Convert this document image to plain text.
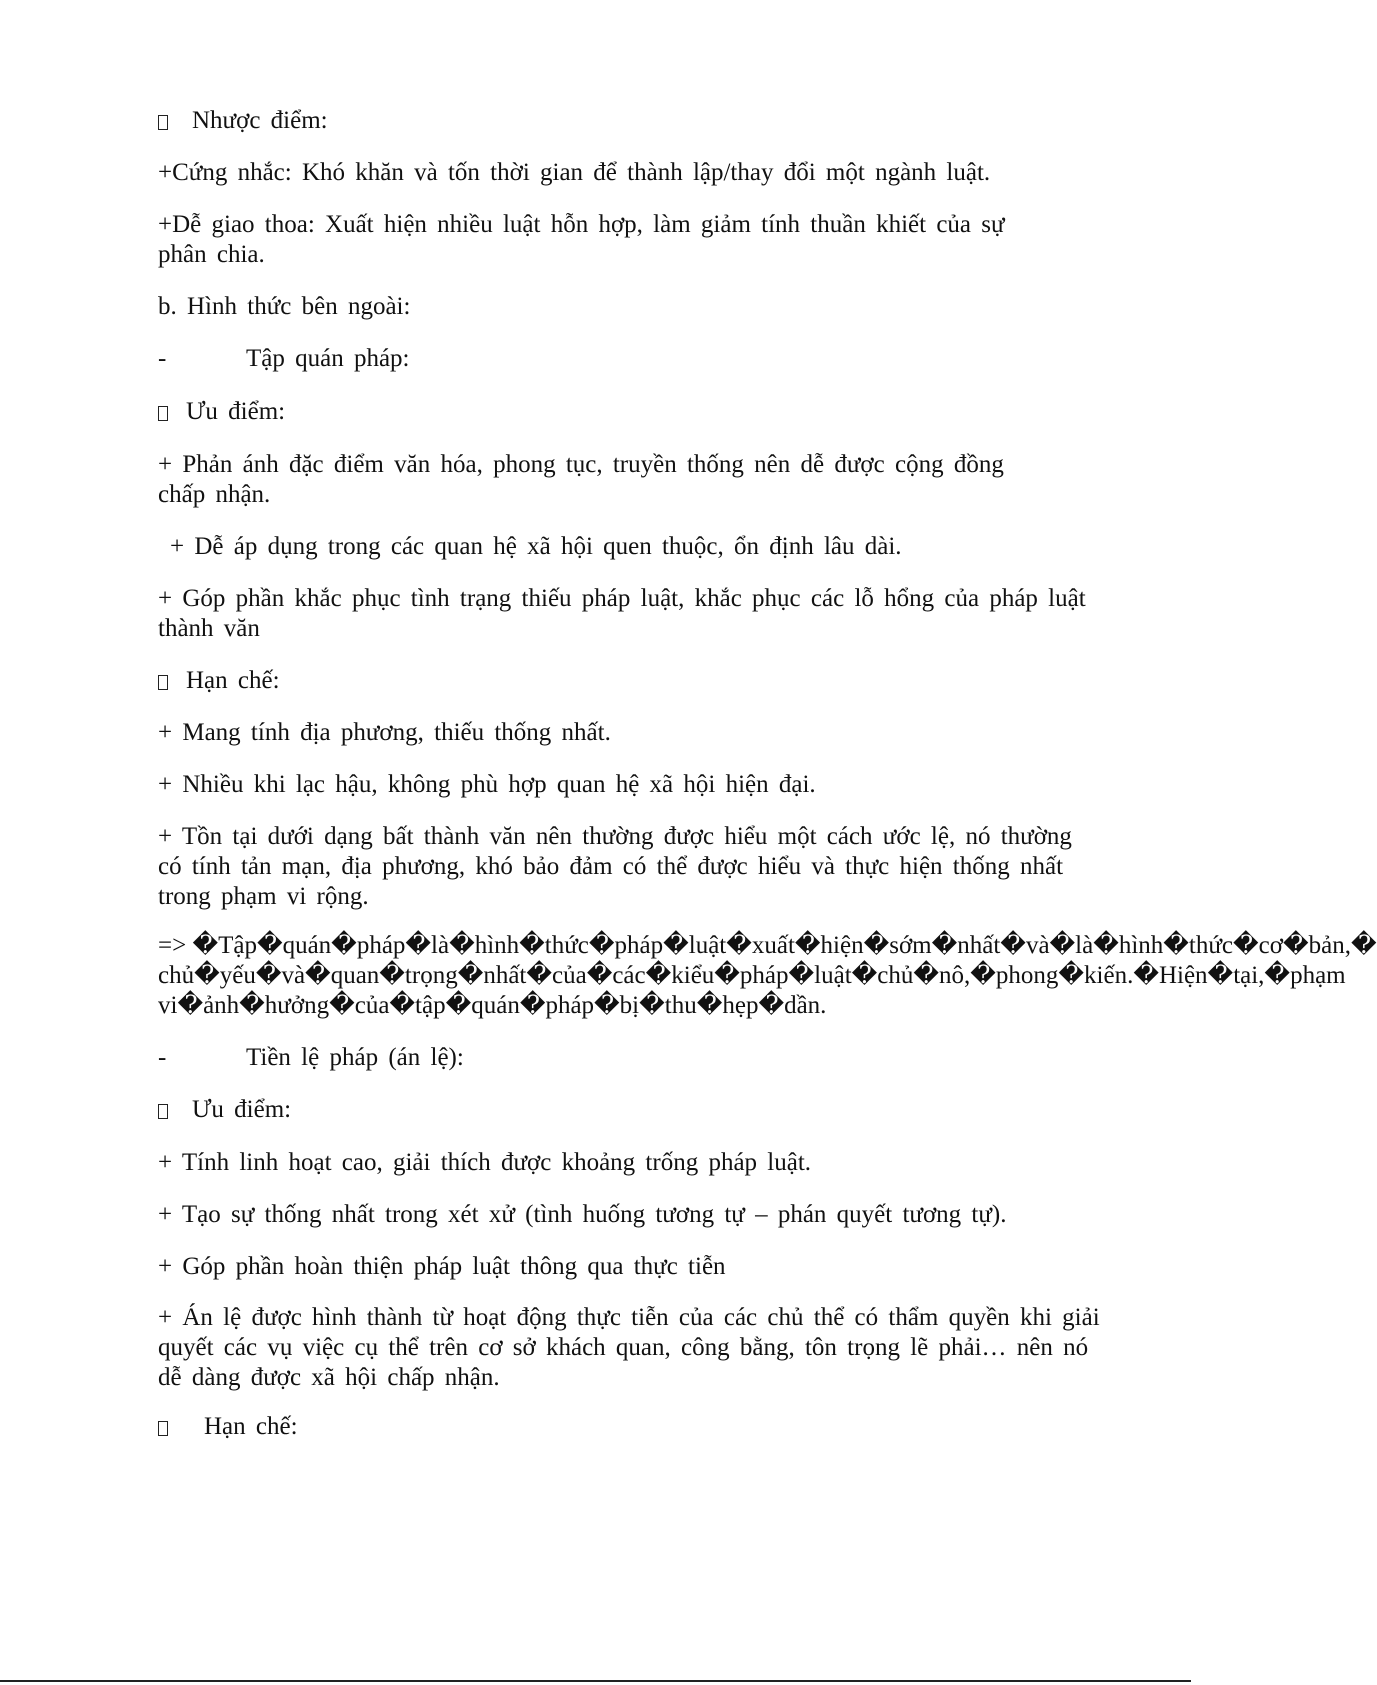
Nhược điểm:
+Cứng nhắc: Khó khăn và tốn thời gian để thành lập/thay đổi một ngành luật.
+Dễ giao thoa: Xuất hiện nhiều luật hỗn hợp, làm giảm tính thuần khiết của sự
phân chia.
b. Hình thức bên ngoài:
-	Tập quán pháp:
Ưu điểm:
+ Phản ánh đặc điểm văn hóa, phong tục, truyền thống nên dễ được cộng đồng
chấp nhận.
+ Dễ áp dụng trong các quan hệ xã hội quen thuộc, ổn định lâu dài.
+ Góp phần khắc phục tình trạng thiếu pháp luật, khắc phục các lỗ hổng của pháp luật
thành văn
Hạn chế:
+ Mang tính địa phương, thiếu thống nhất.
+ Nhiều khi lạc hậu, không phù hợp quan hệ xã hội hiện đại.
+ Tồn tại dưới dạng bất thành văn nên thường được hiểu một cách ước lệ, nó thường
có tính tản mạn, địa phương, khó bảo đảm có thể được hiểu và thực hiện thống nhất
trong phạm vi rộng.
=> �Tập�quán�pháp�là�hình�thức�pháp�luật�xuất�hiện�sớm�nhất�và�là�hình�thức�cơ�bản,�
chủ�yếu�và�quan�trọng�nhất�của�các�kiểu�pháp�luật�chủ�nô,�phong�kiến.�Hiện�tại,�phạm
vi�ảnh�hưởng�của�tập�quán�pháp�bị�thu�hẹp�dần.
-	Tiền lệ pháp (án lệ):
Ưu điểm:
+ Tính linh hoạt cao, giải thích được khoảng trống pháp luật.
+ Tạo sự thống nhất trong xét xử (tình huống tương tự – phán quyết tương tự).
+ Góp phần hoàn thiện pháp luật thông qua thực tiễn
+ Án lệ được hình thành từ hoạt động thực tiễn của các chủ thể có thẩm quyền khi giải
quyết các vụ việc cụ thể trên cơ sở khách quan, công bằng, tôn trọng lẽ phải… nên nó
dễ dàng được xã hội chấp nhận.
Hạn chế:
